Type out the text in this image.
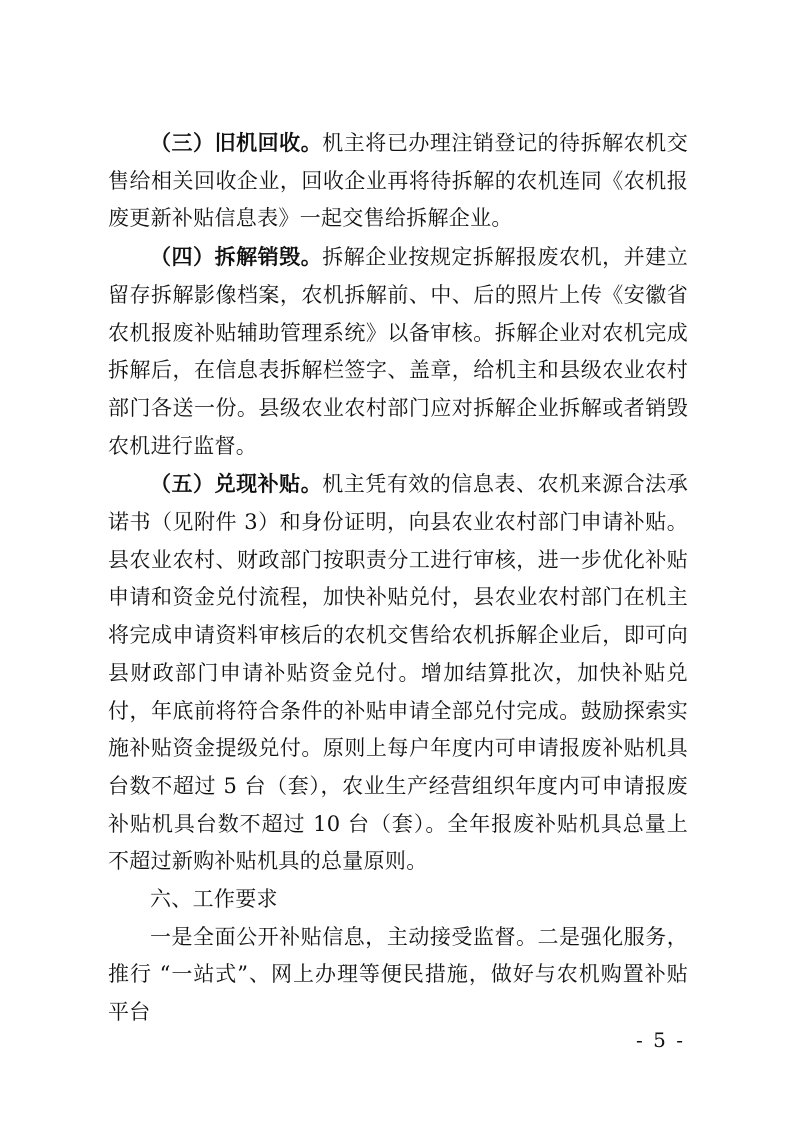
（三）旧机回收。机主将已办理注销登记的待拆解农机交售给相关回收企业，回收企业再将待拆解的农机连同《农机报废更新补贴信息表》一起交售给拆解企业。

（四）拆解销毁。拆解企业按规定拆解报废农机，并建立留存拆解影像档案，农机拆解前、中、后的照片上传《安徽省农机报废补贴辅助管理系统》以备审核。拆解企业对农机完成拆解后，在信息表拆解栏签字、盖章，给机主和县级农业农村部门各送一份。县级农业农村部门应对拆解企业拆解或者销毁农机进行监督。

（五）兑现补贴。机主凭有效的信息表、农机来源合法承诺书（见附件 3）和身份证明，向县农业农村部门申请补贴。县农业农村、财政部门按职责分工进行审核，进一步优化补贴申请和资金兑付流程，加快补贴兑付，县农业农村部门在机主将完成申请资料审核后的农机交售给农机拆解企业后，即可向县财政部门申请补贴资金兑付。增加结算批次，加快补贴兑付，年底前将符合条件的补贴申请全部兑付完成。鼓励探索实施补贴资金提级兑付。原则上每户年度内可申请报废补贴机具台数不超过 5 台（套），农业生产经营组织年度内可申请报废补贴机具台数不超过 10 台（套）。全年报废补贴机具总量上不超过新购补贴机具的总量原则。

六、工作要求

一是全面公开补贴信息，主动接受监督。二是强化服务，推行 “一站式”、网上办理等便民措施，做好与农机购置补贴平台

- 5 -
